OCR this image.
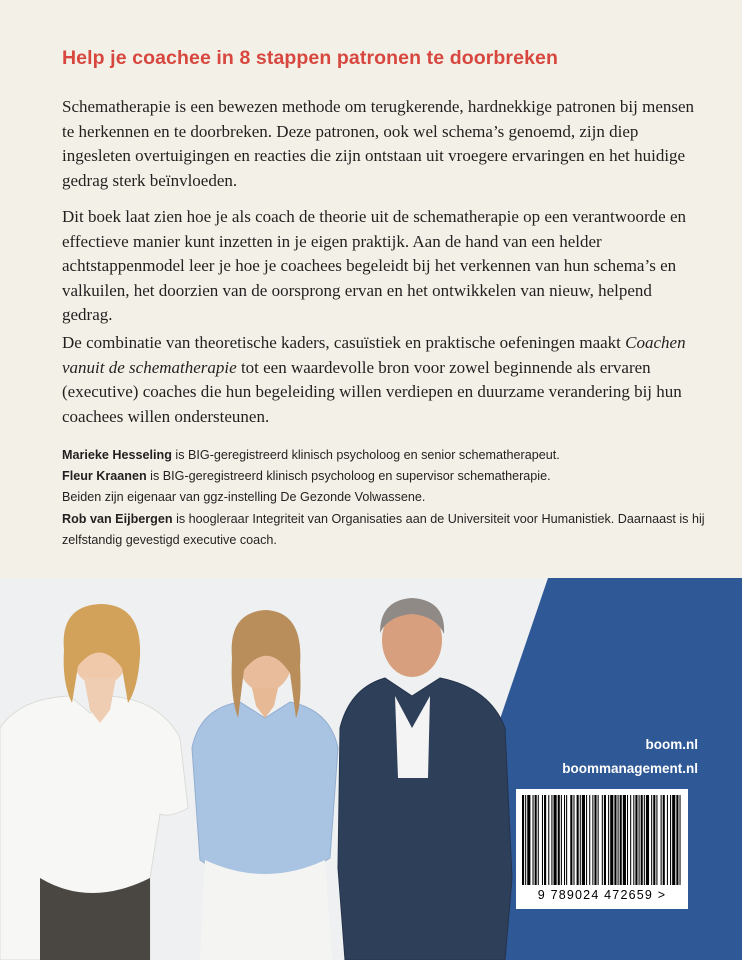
Help je coachee in 8 stappen patronen te doorbreken

Schematherapie is een bewezen methode om terugkerende, hardnekkige patronen bij mensen te herkennen en te doorbreken. Deze patronen, ook wel schema’s genoemd, zijn diep ingesleten overtuigingen en reacties die zijn ontstaan uit vroegere ervaringen en het huidige gedrag sterk beïnvloeden.

Dit boek laat zien hoe je als coach de theorie uit de schematherapie op een verantwoorde en effectieve manier kunt inzetten in je eigen praktijk. Aan de hand van een helder achtstappenmodel leer je hoe je coachees begeleidt bij het verkennen van hun schema’s en valkuilen, het doorzien van de oorsprong ervan en het ontwikkelen van nieuw, helpend gedrag.

De combinatie van theoretische kaders, casuïstiek en praktische oefeningen maakt Coachen vanuit de schematherapie tot een waardevolle bron voor zowel beginnende als ervaren (executive) coaches die hun begeleiding willen verdiepen en duurzame verandering bij hun coachees willen ondersteunen.

Marieke Hesseling is BIG-geregistreerd klinisch psycholoog en senior schematherapeut.
Fleur Kraanen is BIG-geregistreerd klinisch psycholoog en supervisor schematherapie.
Beiden zijn eigenaar van ggz-instelling De Gezonde Volwassene.
Rob van Eijbergen is hoogleraar Integriteit van Organisaties aan de Universiteit voor Humanistiek. Daarnaast is hij zelfstandig gevestigd executive coach.
boom.nl
boommanagement.nl
9 789024 472659 >
